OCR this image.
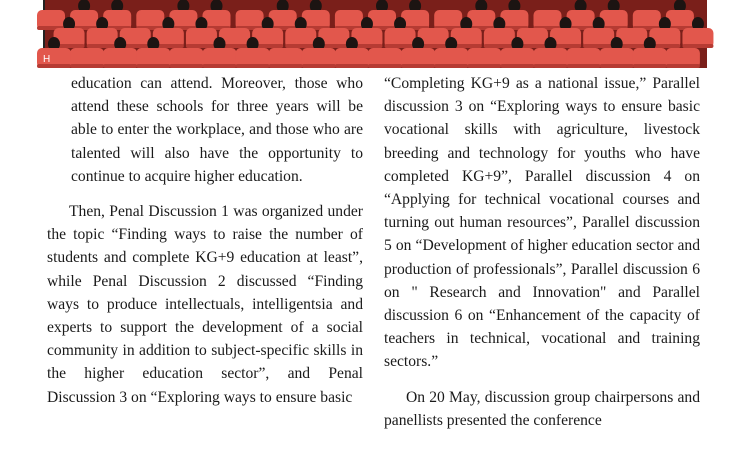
H

education can attend. Moreover, those who attend these schools for three years will be able to enter the workplace, and those who are talented will also have the opportunity to continue to acquire higher education.

Then, Penal Discussion 1 was organized under the topic “Finding ways to raise the number of students and complete KG+9 education at least”, while Penal Discussion 2 discussed “Finding ways to produce intellectuals, intelligentsia and experts to support the development of a social community in addition to subject-specific skills in the higher education sector”, and Penal Discussion 3 on “Exploring ways to ensure basic

“Completing KG+9 as a national issue,” Parallel discussion 3 on “Exploring ways to ensure basic vocational skills with agriculture, livestock breeding and technology for youths who have completed KG+9”, Parallel discussion 4 on “Applying for technical vocational courses and turning out human resources”, Parallel discussion 5 on “Development of higher education sector and production of professionals”, Parallel discussion 6 on " Research and Innovation" and Parallel discussion 6 on “Enhancement of the capacity of teachers in technical, vocational and training sectors.”

On 20 May, discussion group chairpersons and panellists presented the conference
